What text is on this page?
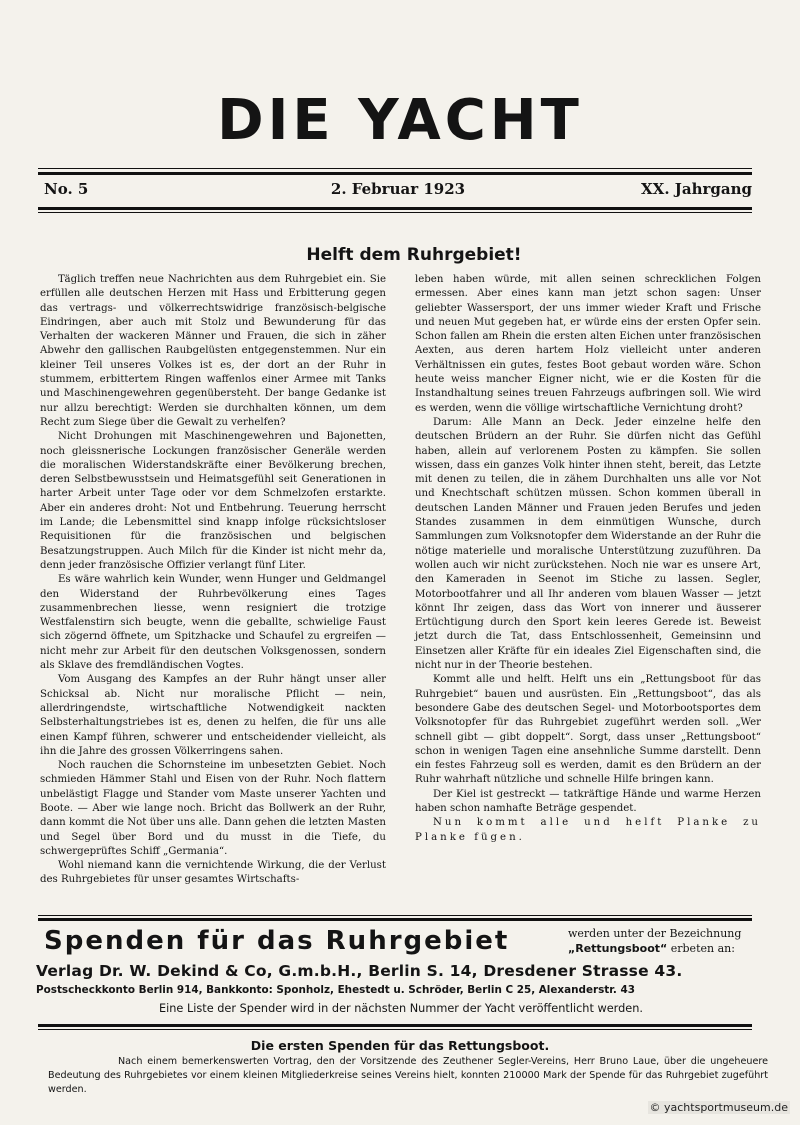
DIE YACHT
2. Februar 1923
No. 5	XX. Jahrgang
Helft dem Ruhrgebiet!

Täglich treffen neue Nachrichten aus dem Ruhrgebiet ein. Sie erfüllen alle deutschen Herzen mit Hass und Erbitterung gegen das vertrags- und völkerrechtswidrige französisch-belgische Eindringen, aber auch mit Stolz und Bewunderung für das Verhalten der wackeren Männer und Frauen, die sich in zäher Abwehr den gallischen Raubgelüsten entgegenstemmen. Nur ein kleiner Teil unseres Volkes ist es, der dort an der Ruhr in stummem, erbittertem Ringen waffenlos einer Armee mit Tanks und Maschinengewehren gegenübersteht. Der bange Gedanke ist nur allzu berechtigt: Werden sie durchhalten können, um dem Recht zum Siege über die Gewalt zu verhelfen?

Nicht Drohungen mit Maschinengewehren und Bajonetten, noch gleissnerische Lockungen französischer Generäle werden die moralischen Widerstandskräfte einer Bevölkerung brechen, deren Selbstbewusstsein und Heimatsgefühl seit Generationen in harter Arbeit unter Tage oder vor dem Schmelzofen erstarkte. Aber ein anderes droht: Not und Entbehrung. Teuerung herrscht im Lande; die Lebensmittel sind knapp infolge rücksichtsloser Requisitionen für die französischen und belgischen Besatzungstruppen. Auch Milch für die Kinder ist nicht mehr da, denn jeder französische Offizier verlangt fünf Liter.

Es wäre wahrlich kein Wunder, wenn Hunger und Geldmangel den Widerstand der Ruhrbevölkerung eines Tages zusammenbrechen liesse, wenn resigniert die trotzige Westfalenstirn sich beugte, wenn die geballte, schwielige Faust sich zögernd öffnete, um Spitzhacke und Schaufel zu ergreifen — nicht mehr zur Arbeit für den deutschen Volksgenossen, sondern als Sklave des fremdländischen Vogtes.

Vom Ausgang des Kampfes an der Ruhr hängt unser aller Schicksal ab. Nicht nur moralische Pflicht — nein, allerdringendste, wirtschaftliche Notwendigkeit nackten Selbsterhaltungstriebes ist es, denen zu helfen, die für uns alle einen Kampf führen, schwerer und entscheidender vielleicht, als ihn die Jahre des grossen Völkerringens sahen.

Noch rauchen die Schornsteine im unbesetzten Gebiet. Noch schmieden Hämmer Stahl und Eisen von der Ruhr. Noch flattern unbelästigt Flagge und Stander vom Maste unserer Yachten und Boote. — Aber wie lange noch. Bricht das Bollwerk an der Ruhr, dann kommt die Not über uns alle. Dann gehen die letzten Masten und Segel über Bord und du musst in die Tiefe, du schwergeprüftes Schiff „Germania“.

Wohl niemand kann die vernichtende Wirkung, die der Verlust des Ruhrgebietes für unser gesamtes Wirtschafts-

leben haben würde, mit allen seinen schrecklichen Folgen ermessen. Aber eines kann man jetzt schon sagen: Unser geliebter Wassersport, der uns immer wieder Kraft und Frische und neuen Mut gegeben hat, er würde eins der ersten Opfer sein. Schon fallen am Rhein die ersten alten Eichen unter französischen Aexten, aus deren hartem Holz vielleicht unter anderen Verhältnissen ein gutes, festes Boot gebaut worden wäre. Schon heute weiss mancher Eigner nicht, wie er die Kosten für die Instandhaltung seines treuen Fahrzeugs aufbringen soll. Wie wird es werden, wenn die völlige wirtschaftliche Vernichtung droht?

Darum: Alle Mann an Deck. Jeder einzelne helfe den deutschen Brüdern an der Ruhr. Sie dürfen nicht das Gefühl haben, allein auf verlorenem Posten zu kämpfen. Sie sollen wissen, dass ein ganzes Volk hinter ihnen steht, bereit, das Letzte mit denen zu teilen, die in zähem Durchhalten uns alle vor Not und Knechtschaft schützen müssen. Schon kommen überall in deutschen Landen Männer und Frauen jeden Berufes und jeden Standes zusammen in dem einmütigen Wunsche, durch Sammlungen zum Volksnotopfer dem Widerstande an der Ruhr die nötige materielle und moralische Unterstützung zuzuführen. Da wollen auch wir nicht zurückstehen. Noch nie war es unsere Art, den Kameraden in Seenot im Stiche zu lassen. Segler, Motorbootfahrer und all Ihr anderen vom blauen Wasser — jetzt könnt Ihr zeigen, dass das Wort von innerer und äusserer Ertüchtigung durch den Sport kein leeres Gerede ist. Beweist jetzt durch die Tat, dass Entschlossenheit, Gemeinsinn und Einsetzen aller Kräfte für ein ideales Ziel Eigenschaften sind, die nicht nur in der Theorie bestehen.

Kommt alle und helft. Helft uns ein „Rettungsboot für das Ruhrgebiet“ bauen und ausrüsten. Ein „Rettungsboot“, das als besondere Gabe des deutschen Segel- und Motorbootsportes dem Volksnotopfer für das Ruhrgebiet zugeführt werden soll. „Wer schnell gibt — gibt doppelt“. Sorgt, dass unser „Rettungsboot“ schon in wenigen Tagen eine ansehnliche Summe darstellt. Denn ein festes Fahrzeug soll es werden, damit es den Brüdern an der Ruhr wahrhaft nützliche und schnelle Hilfe bringen kann.

Der Kiel ist gestreckt — tatkräftige Hände und warme Herzen haben schon namhafte Beträge gespendet.

Nun kommt alle und helft Planke zu Planke fügen.

Spenden für das Ruhrgebiet	werden unter der Bezeichnung
„Rettungsboot“ erbeten an:
Verlag Dr. W. Dekind & Co, G.m.b.H., Berlin S. 14, Dresdener Strasse 43.
Postscheckkonto Berlin 914, Bankkonto: Sponholz, Ehestedt u. Schröder, Berlin C 25, Alexanderstr. 43
Eine Liste der Spender wird in der nächsten Nummer der Yacht veröffentlicht werden.
Die ersten Spenden für das Rettungsboot.
Nach einem bemerkenswerten Vortrag, den der Vorsitzende des Zeuthener Segler-Vereins, Herr Bruno Laue, über die ungeheuere Bedeutung des Ruhrgebietes vor einem kleinen Mitgliederkreise seines Vereins hielt, konnten 210000 Mark der Spende für das Ruhrgebiet zugeführt werden.
© yachtsportmuseum.de
